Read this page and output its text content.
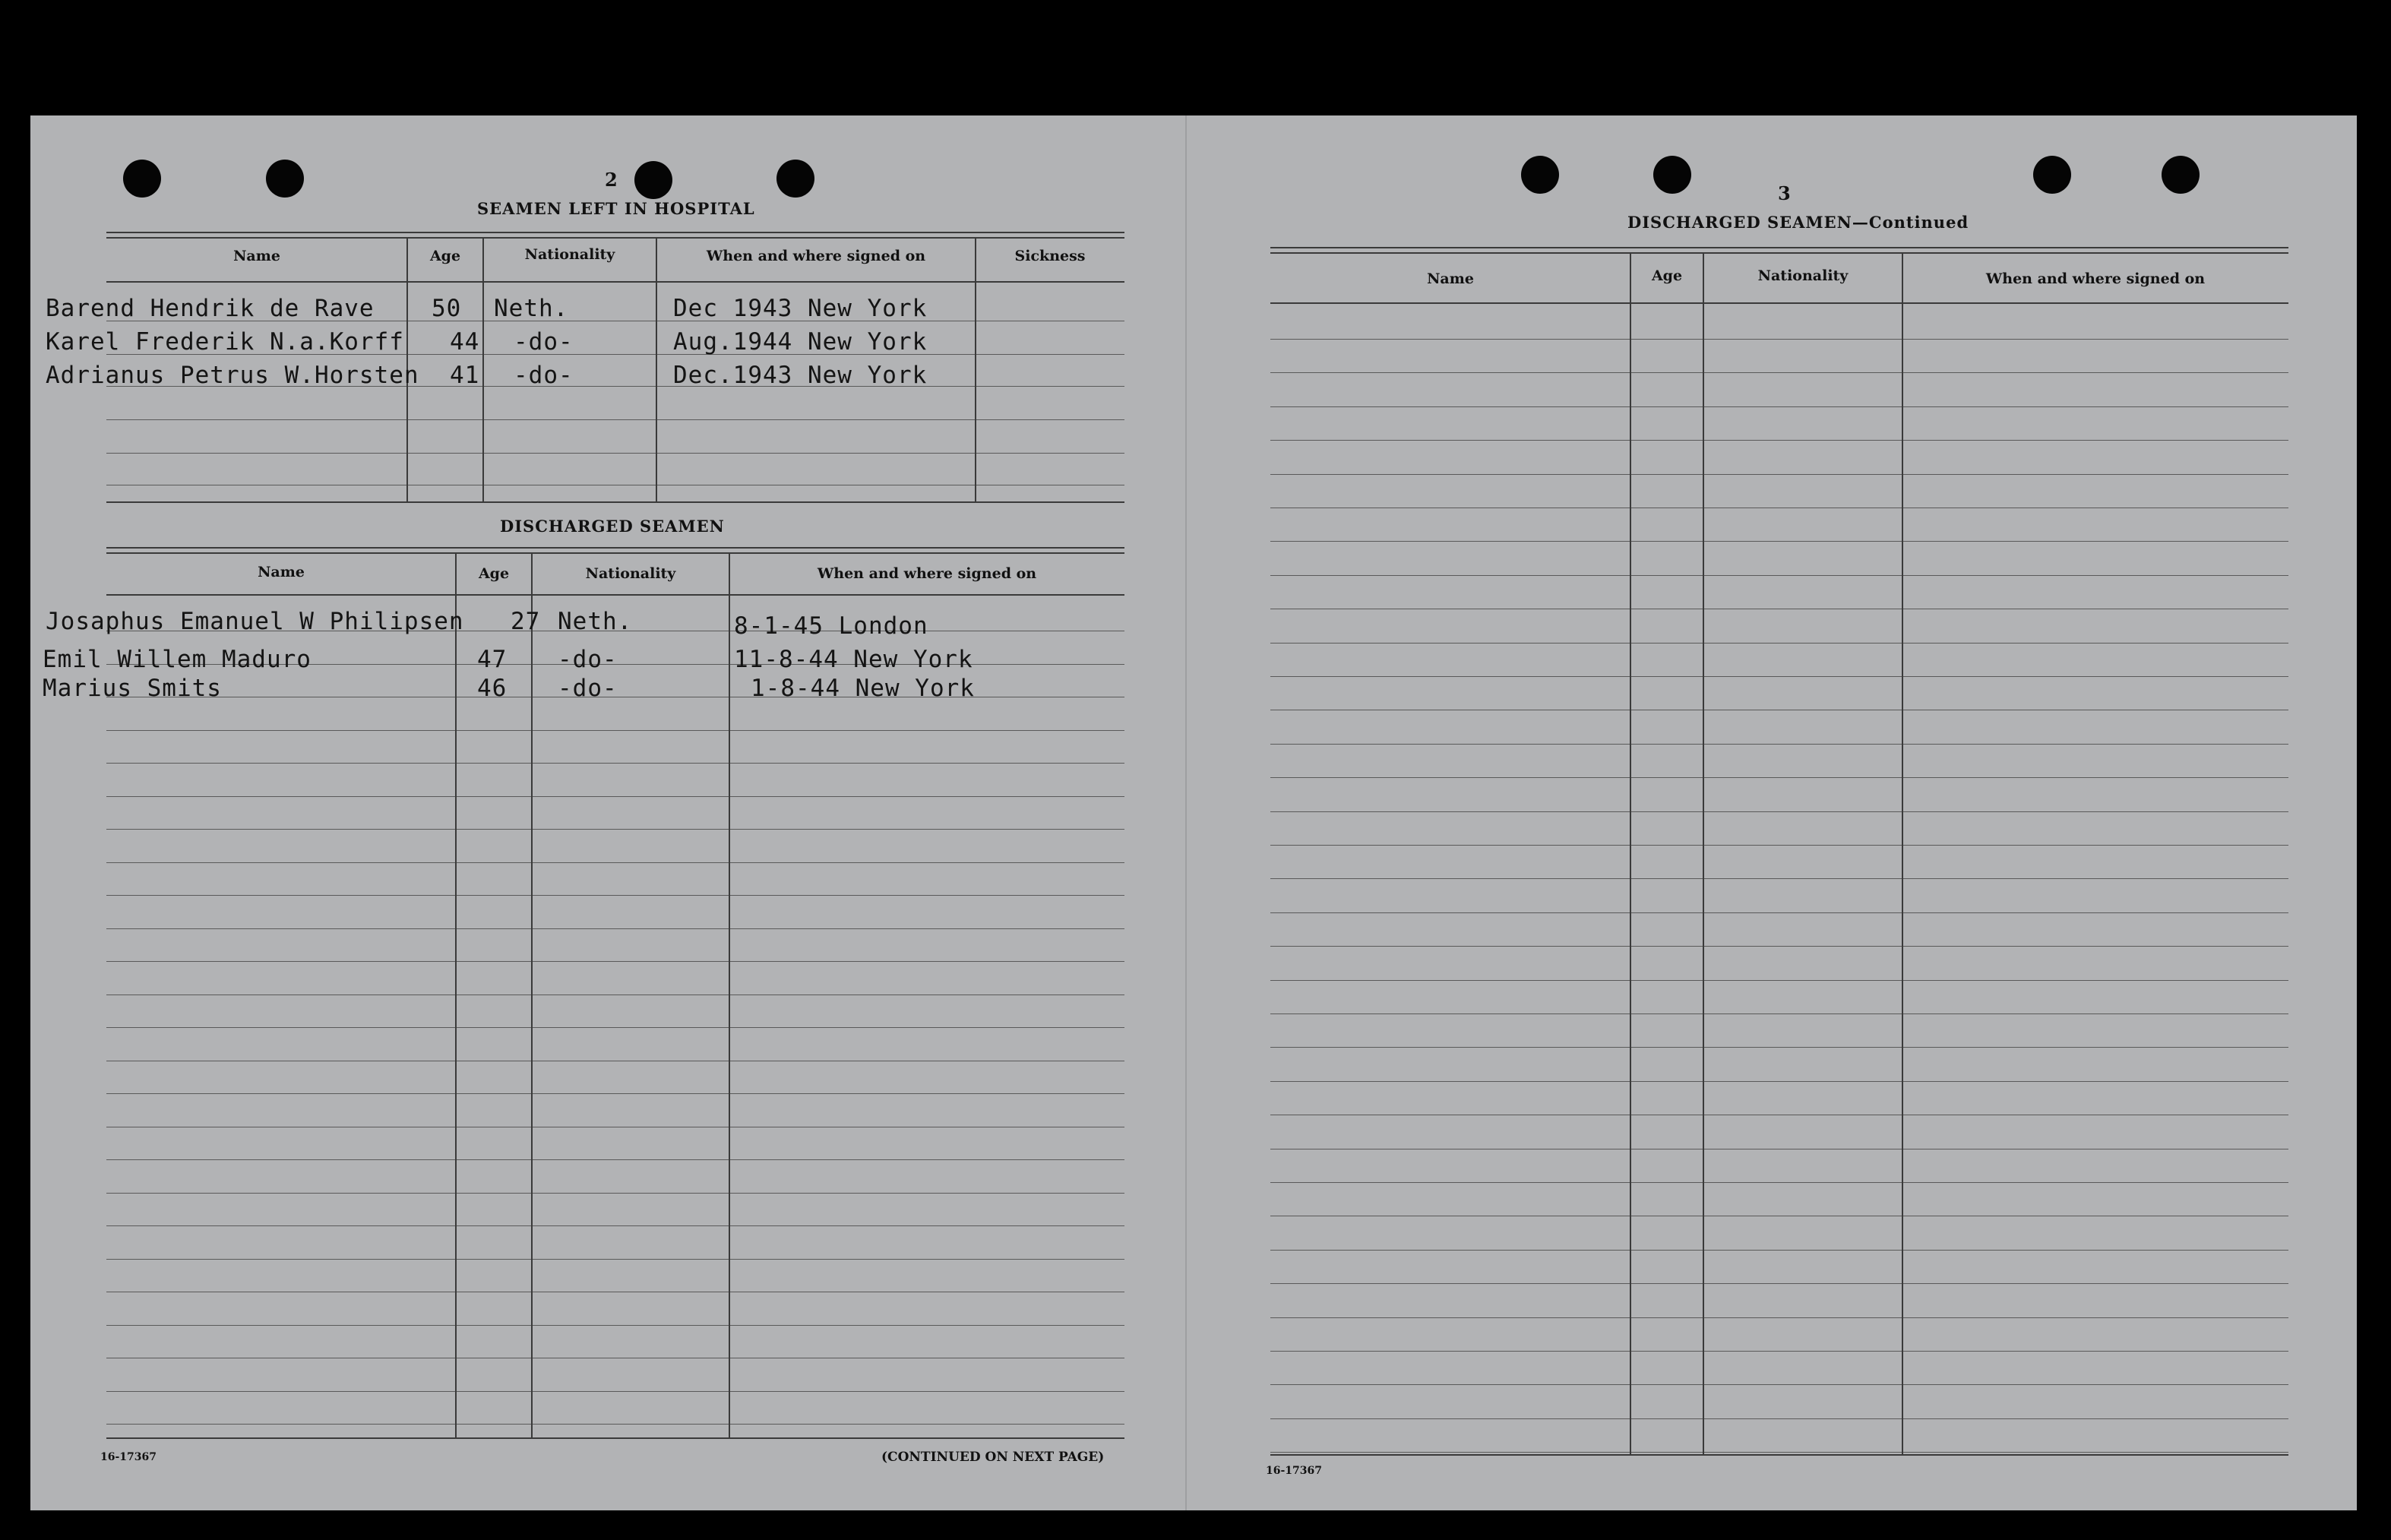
2
SEAMEN LEFT IN HOSPITAL
Name	Age	Nationality	When and where signed on	Sickness
Barend Hendrik de Rave 50 Neth.	Dec 1943 New York
Karel Frederik N.a.Korff 44 -do-	Aug.1944 New York
Adrianus Petrus W.Horsten 41 -do-	Dec.1943 New York
DISCHARGED SEAMEN
Name	Age	Nationality	When and where signed on
Josaphus Emanuel W Philipsen 27 Neth.	8-1-45 London
Emil Willem Maduro	47 -do-	11-8-44 New York
Marius Smits	46 -do-	1-8-44 New York
16-17367	(CONTINUED ON NEXT PAGE)
3
DISCHARGED SEAMEN—Continued
Name	Age	Nationality	When and where signed on
16-17367
